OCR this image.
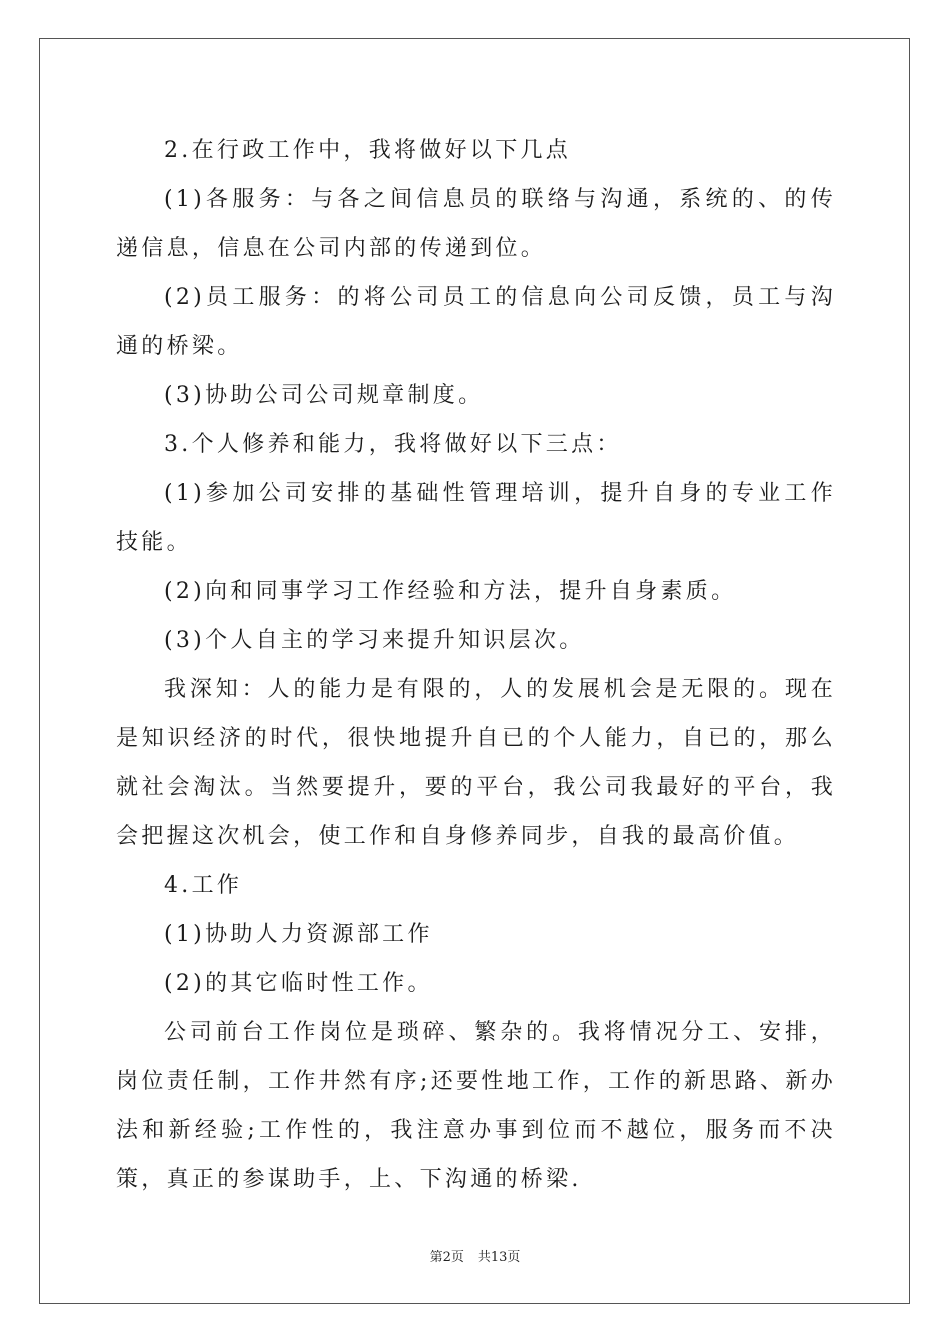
2.在行政工作中，我将做好以下几点

(1)各服务：与各之间信息员的联络与沟通，系统的、的传递信息，信息在公司内部的传递到位。

(2)员工服务：的将公司员工的信息向公司反馈，员工与沟通的桥梁。

(3)协助公司公司规章制度。

3.个人修养和能力，我将做好以下三点：

(1)参加公司安排的基础性管理培训，提升自身的专业工作技能。

(2)向和同事学习工作经验和方法，提升自身素质。

(3)个人自主的学习来提升知识层次。

我深知：人的能力是有限的，人的发展机会是无限的。现在是知识经济的时代，很快地提升自已的个人能力，自已的，那么就社会淘汰。当然要提升，要的平台，我公司我最好的平台，我会把握这次机会，使工作和自身修养同步，自我的最高价值。

4.工作

(1)协助人力资源部工作

(2)的其它临时性工作。

公司前台工作岗位是琐碎、繁杂的。我将情况分工、安排，岗位责任制，工作井然有序;还要性地工作，工作的新思路、新办法和新经验;工作性的，我注意办事到位而不越位，服务而不决策，真正的参谋助手，上、下沟通的桥梁.

第2页 共13页
